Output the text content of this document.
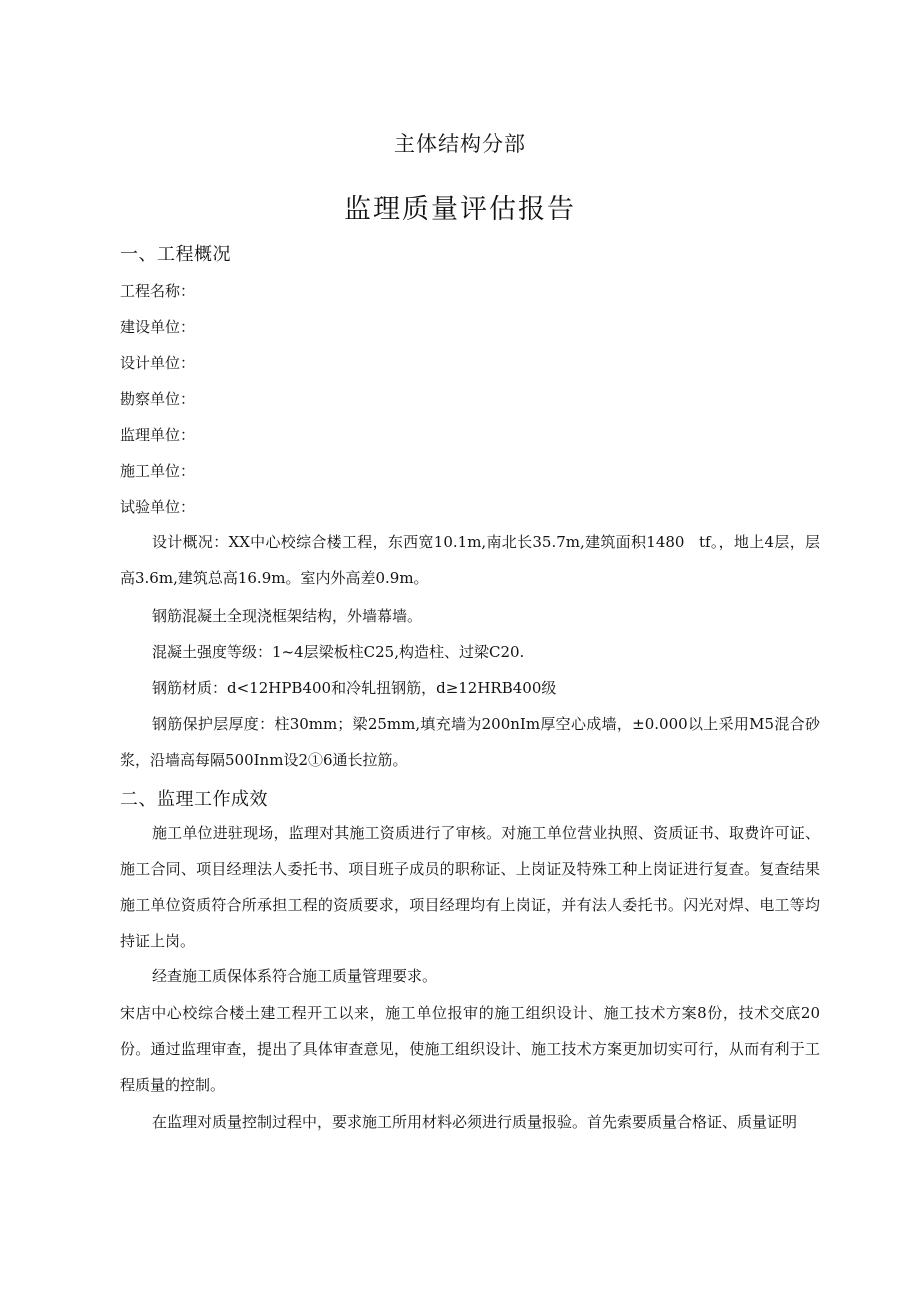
主体结构分部
监理质量评估报告
一、工程概况
工程名称：
建设单位：
设计单位：
勘察单位：
监理单位：
施工单位：
试验单位：
设计概况：XX中心校综合楼工程，东西宽10.1m,南北长35.7m,建筑面积1480ㅤtf。，地上4层，层高3.6m,建筑总高16.9m。室内外高差0.9m。
钢筋混凝土全现浇框架结构，外墙幕墙。
混凝土强度等级：1~4层梁板柱C25,构造柱、过梁C20.
钢筋材质：d<12HPB400和冷轧扭钢筋，d≥12HRB400级
钢筋保护层厚度：柱30mm；梁25mm,填充墙为200nIm厚空心成墙，±0.000以上采用M5混合砂浆，沿墙高每隔500Inm设2①6通长拉筋。
二、监理工作成效
施工单位进驻现场，监理对其施工资质进行了审核。对施工单位营业执照、资质证书、取费许可证、施工合同、项目经理法人委托书、项目班子成员的职称证、上岗证及特殊工种上岗证进行复查。复查结果施工单位资质符合所承担工程的资质要求，项目经理均有上岗证，并有法人委托书。闪光对焊、电工等均持证上岗。
经查施工质保体系符合施工质量管理要求。
宋店中心校综合楼土建工程开工以来，施工单位报审的施工组织设计、施工技术方案8份，技术交底20份。通过监理审查，提出了具体审查意见，使施工组织设计、施工技术方案更加切实可行，从而有利于工程质量的控制。
在监理对质量控制过程中，要求施工所用材料必须进行质量报验。首先索要质量合格证、质量证明
